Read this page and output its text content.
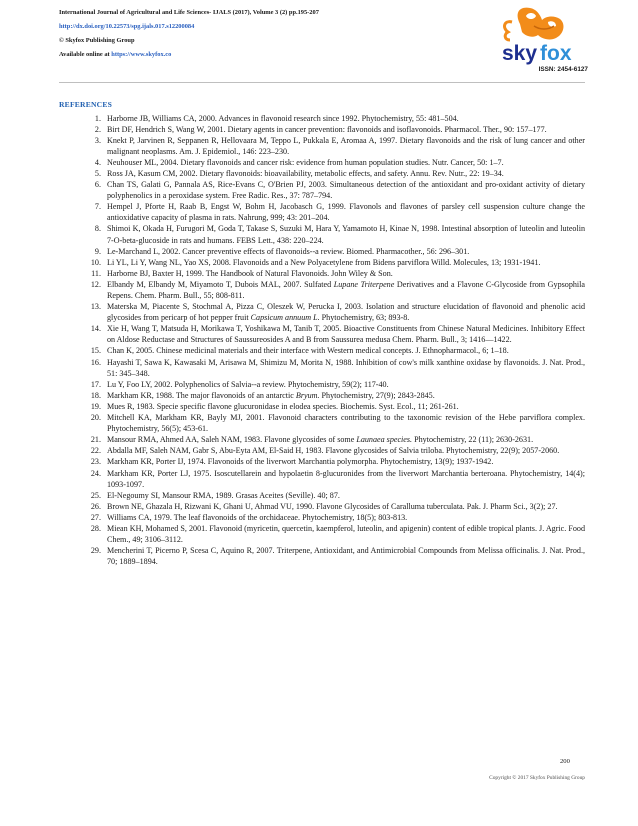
International Journal of Agricultural and Life Sciences- IJALS (2017), Volume 3 (2) pp.195-207
http://dx.doi.org/10.22573/spg.ijals.017.s12200084
© Skyfox Publishing Group
Available online at https://www.skyfox.co	sky fox
ISSN: 2454-6127
REFERENCES
1. Harborne JB, Williams CA, 2000. Advances in flavonoid research since 1992. Phytochemistry, 55: 481–504.
2. Birt DF, Hendrich S, Wang W, 2001. Dietary agents in cancer prevention: flavonoids and isoflavonoids. Pharmacol. Ther., 90: 157–177.
3. Knekt P, Jarvinen R, Seppanen R, Hellovaara M, Teppo L, Pukkala E, Aromaa A, 1997. Dietary flavonoids and the risk of lung cancer and other malignant neoplasms. Am. J. Epidemiol., 146: 223–230.
4. Neuhouser ML, 2004. Dietary flavonoids and cancer risk: evidence from human population studies. Nutr. Cancer, 50: 1–7.
5. Ross JA, Kasum CM, 2002. Dietary flavonoids: bioavailability, metabolic effects, and safety. Annu. Rev. Nutr., 22: 19–34.
6. Chan TS, Galati G, Pannala AS, Rice-Evans C, O'Brien PJ, 2003. Simultaneous detection of the antioxidant and pro-oxidant activity of dietary polyphenolics in a peroxidase system. Free Radic. Res., 37: 787–794.
7. Hempel J, Pforte H, Raab B, Engst W, Bohm H, Jacobasch G, 1999. Flavonols and flavones of parsley cell suspension culture change the antioxidative capacity of plasma in rats. Nahrung, 999; 43: 201–204.
8. Shimoi K, Okada H, Furugori M, Goda T, Takase S, Suzuki M, Hara Y, Yamamoto H, Kinae N, 1998. Intestinal absorption of luteolin and luteolin 7-O-beta-glucoside in rats and humans. FEBS Lett., 438: 220–224.
9. Le-Marchand L, 2002. Cancer preventive effects of flavonoids--a review. Biomed. Pharmacother., 56: 296–301.
10. Li YL, Li Y, Wang NL, Yao XS, 2008. Flavonoids and a New Polyacetylene from Bidens parviflora Willd. Molecules, 13; 1931-1941.
11. Harborne BJ, Baxter H, 1999. The Handbook of Natural Flavonoids. John Wiley & Son.
12. Elbandy M, Elbandy M, Miyamoto T, Dubois MAL, 2007. Sulfated Lupane Triterpene Derivatives and a Flavone C-Glycoside from Gypsophila Repens. Chem. Pharm. Bull., 55; 808-811.
13. Materska M, Piacente S, Stochmal A, Pizza C, Oleszek W, Perucka I, 2003. Isolation and structure elucidation of flavonoid and phenolic acid glycosides from pericarp of hot pepper fruit Capsicum annuum L. Phytochemistry, 63; 893-8.
14. Xie H, Wang T, Matsuda H, Morikawa T, Yoshikawa M, Tanib T, 2005. Bioactive Constituents from Chinese Natural Medicines. Inhibitory Effect on Aldose Reductase and Structures of Saussureosides A and B from Saussurea medusa Chem. Pharm. Bull., 3; 1416—1422.
15. Chan K, 2005. Chinese medicinal materials and their interface with Western medical concepts. J. Ethnopharmacol., 6; 1–18.
16. Hayashi T, Sawa K, Kawasaki M, Arisawa M, Shimizu M, Morita N, 1988. Inhibition of cow's milk xanthine oxidase by flavonoids. J. Nat. Prod., 51: 345–348.
17. Lu Y, Foo LY, 2002. Polyphenolics of Salvia--a review. Phytochemistry, 59(2); 117-40.
18. Markham KR, 1988. The major flavonoids of an antarctic Bryum. Phytochemistry, 27(9); 2843-2845.
19. Mues R, 1983. Specie specific flavone glucuronidase in elodea species. Biochemis. Syst. Ecol., 11; 261-261.
20. Mitchell KA, Markham KR, Bayly MJ, 2001. Flavonoid characters contributing to the taxonomic revision of the Hebe parviflora complex. Phytochemistry, 56(5); 453-61.
21. Mansour RMA, Ahmed AA, Saleh NAM, 1983. Flavone glycosides of some Launaea species. Phytochemistry, 22 (11); 2630-2631.
22. Abdalla MF, Saleh NAM, Gabr S, Abu-Eyta AM, El-Said H, 1983. Flavone glycosides of Salvia triloba. Phytochemistry, 22(9); 2057-2060.
23. Markham KR, Porter IJ, 1974. Flavonoids of the liverwort Marchantia polymorpha. Phytochemistry, 13(9); 1937-1942.
24. Markham KR, Porter LJ, 1975. Isoscutellarein and hypolaetin 8-glucuronides from the liverwort Marchantia berteroana. Phytochemistry, 14(4); 1093-1097.
25. El-Negoumy SI, Mansour RMA, 1989. Grasas Aceites (Seville). 40; 87.
26. Brown NE, Ghazala H, Rizwani K, Ghani U, Ahmad VU, 1990. Flavone Glycosides of Caralluma tuberculata. Pak. J. Pharm Sci., 3(2); 27.
27. Williams CA, 1979. The leaf flavonoids of the orchidaceae. Phytochemistry, 18(5); 803-813.
28. Miean KH, Mohamed S, 2001. Flavonoid (myricetin, quercetin, kaempferol, luteolin, and apigenin) content of edible tropical plants. J. Agric. Food Chem., 49; 3106–3112.
29. Mencherini T, Picerno P, Scesa C, Aquino R, 2007. Triterpene, Antioxidant, and Antimicrobial Compounds from Melissa officinalis. J. Nat. Prod., 70; 1889–1894.
200
Copyright © 2017 Skyfox Publishing Group
